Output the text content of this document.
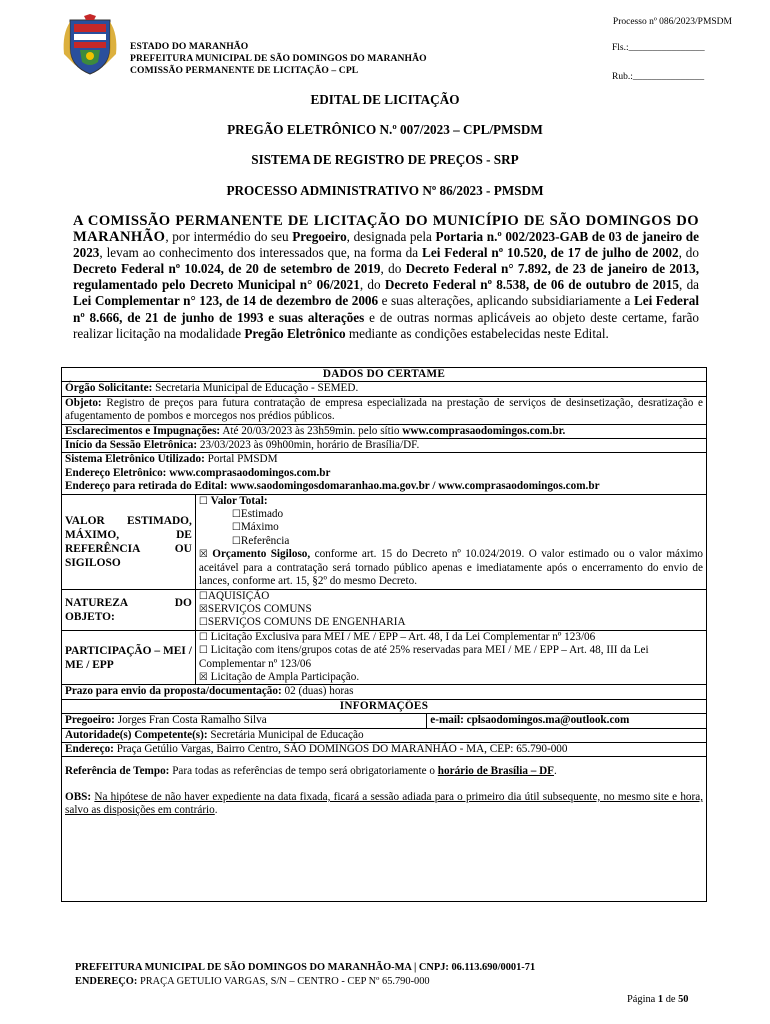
ESTADO DO MARANHÃO
PREFEITURA MUNICIPAL DE SÃO DOMINGOS DO MARANHÃO
COMISSÃO PERMANENTE DE LICITAÇÃO – CPL
Processo nº 086/2023/PMSDM
Fls.:________________
Rub.:_______________
EDITAL DE LICITAÇÃO
PREGÃO ELETRÔNICO N.º 007/2023 – CPL/PMSDM
SISTEMA DE REGISTRO DE PREÇOS - SRP
PROCESSO ADMINISTRATIVO Nº 86/2023 - PMSDM
A COMISSÃO PERMANENTE DE LICITAÇÃO DO MUNICÍPIO DE SÃO DOMINGOS DO MARANHÃO, por intermédio do seu Pregoeiro, designada pela Portaria n.º 002/2023-GAB de 03 de janeiro de 2023, levam ao conhecimento dos interessados que, na forma da Lei Federal nº 10.520, de 17 de julho de 2002, do Decreto Federal nº 10.024, de 20 de setembro de 2019, do Decreto Federal n° 7.892, de 23 de janeiro de 2013, regulamentado pelo Decreto Municipal n° 06/2021, do Decreto Federal nº 8.538, de 06 de outubro de 2015, da Lei Complementar n° 123, de 14 de dezembro de 2006 e suas alterações, aplicando subsidiariamente a Lei Federal nº 8.666, de 21 de junho de 1993 e suas alterações e de outras normas aplicáveis ao objeto deste certame, farão realizar licitação na modalidade Pregão Eletrônico mediante as condições estabelecidas neste Edital.
DADOS DO CERTAME		
Órgão Solicitante: Secretaria Municipal de Educação - SEMED.		
Objeto: Registro de preços para futura contratação de empresa especializada na prestação de serviços de desinsetização, desratização e afugentamento de pombos e morcegos nos prédios públicos.		
Esclarecimentos e Impugnações: Até 20/03/2023 às 23h59min. pelo sítio www.comprasaodomingos.com.br.		
Início da Sessão Eletrônica: 23/03/2023 às 09h00min, horário de Brasília/DF.		
Sistema Eletrônico Utilizado: Portal PMSDM		
Endereço Eletrônico: www.comprasaodomingos.com.br		
Endereço para retirada do Edital: www.saodomingosdomaranhao.ma.gov.br / www.comprasaodomingos.com.br		
VALOR ESTIMADO, MÁXIMO, DE REFERÊNCIA OU SIGILOSO	☐ Valor Total:
☐Estimado
☐Máximo
☐Referência
☒ Orçamento Sigiloso, conforme art. 15 do Decreto nº 10.024/2019. O valor estimado ou o valor máximo aceitável para a contratação será tornado público apenas e imediatamente após o encerramento do envio de lances, conforme art. 15, §2º do mesmo Decreto.	

NATUREZA DO OBJETO:	☐AQUISIÇÃO
☒SERVIÇOS COMUNS
☐SERVIÇOS COMUNS DE ENGENHARIA	

PARTICIPAÇÃO – MEI / ME / EPP	☐ Licitação Exclusiva para MEI / ME / EPP – Art. 48, I da Lei Complementar nº 123/06
☐ Licitação com itens/grupos cotas de até 25% reservadas para MEI / ME / EPP – Art. 48, III da Lei Complementar nº 123/06
☒ Licitação de Ampla Participação.	

Prazo para envio da proposta/documentação: 02 (duas) horas		
INFORMAÇÕES		
Pregoeiro: Jorges Fran Costa Ramalho Silva		e-mail: cplsaodomingos.ma@outlook.com
Autoridade(s) Competente(s): Secretária Municipal de Educação		
Endereço: Praça Getúlio Vargas, Bairro Centro, SÃO DOMINGOS DO MARANHÃO - MA, CEP: 65.790-000		

Referência de Tempo: Para todas as referências de tempo será obrigatoriamente o horário de Brasília – DF.
OBS: Na hipótese de não haver expediente na data fixada, ficará a sessão adiada para o primeiro dia útil subsequente, no mesmo site e hora, salvo as disposições em contrário.		
PREFEITURA MUNICIPAL DE SÃO DOMINGOS DO MARANHÃO-MA | CNPJ: 06.113.690/0001-71
ENDEREÇO: PRAÇA GETULIO VARGAS, S/N – CENTRO - CEP Nº 65.790-000
Página 1 de 50
